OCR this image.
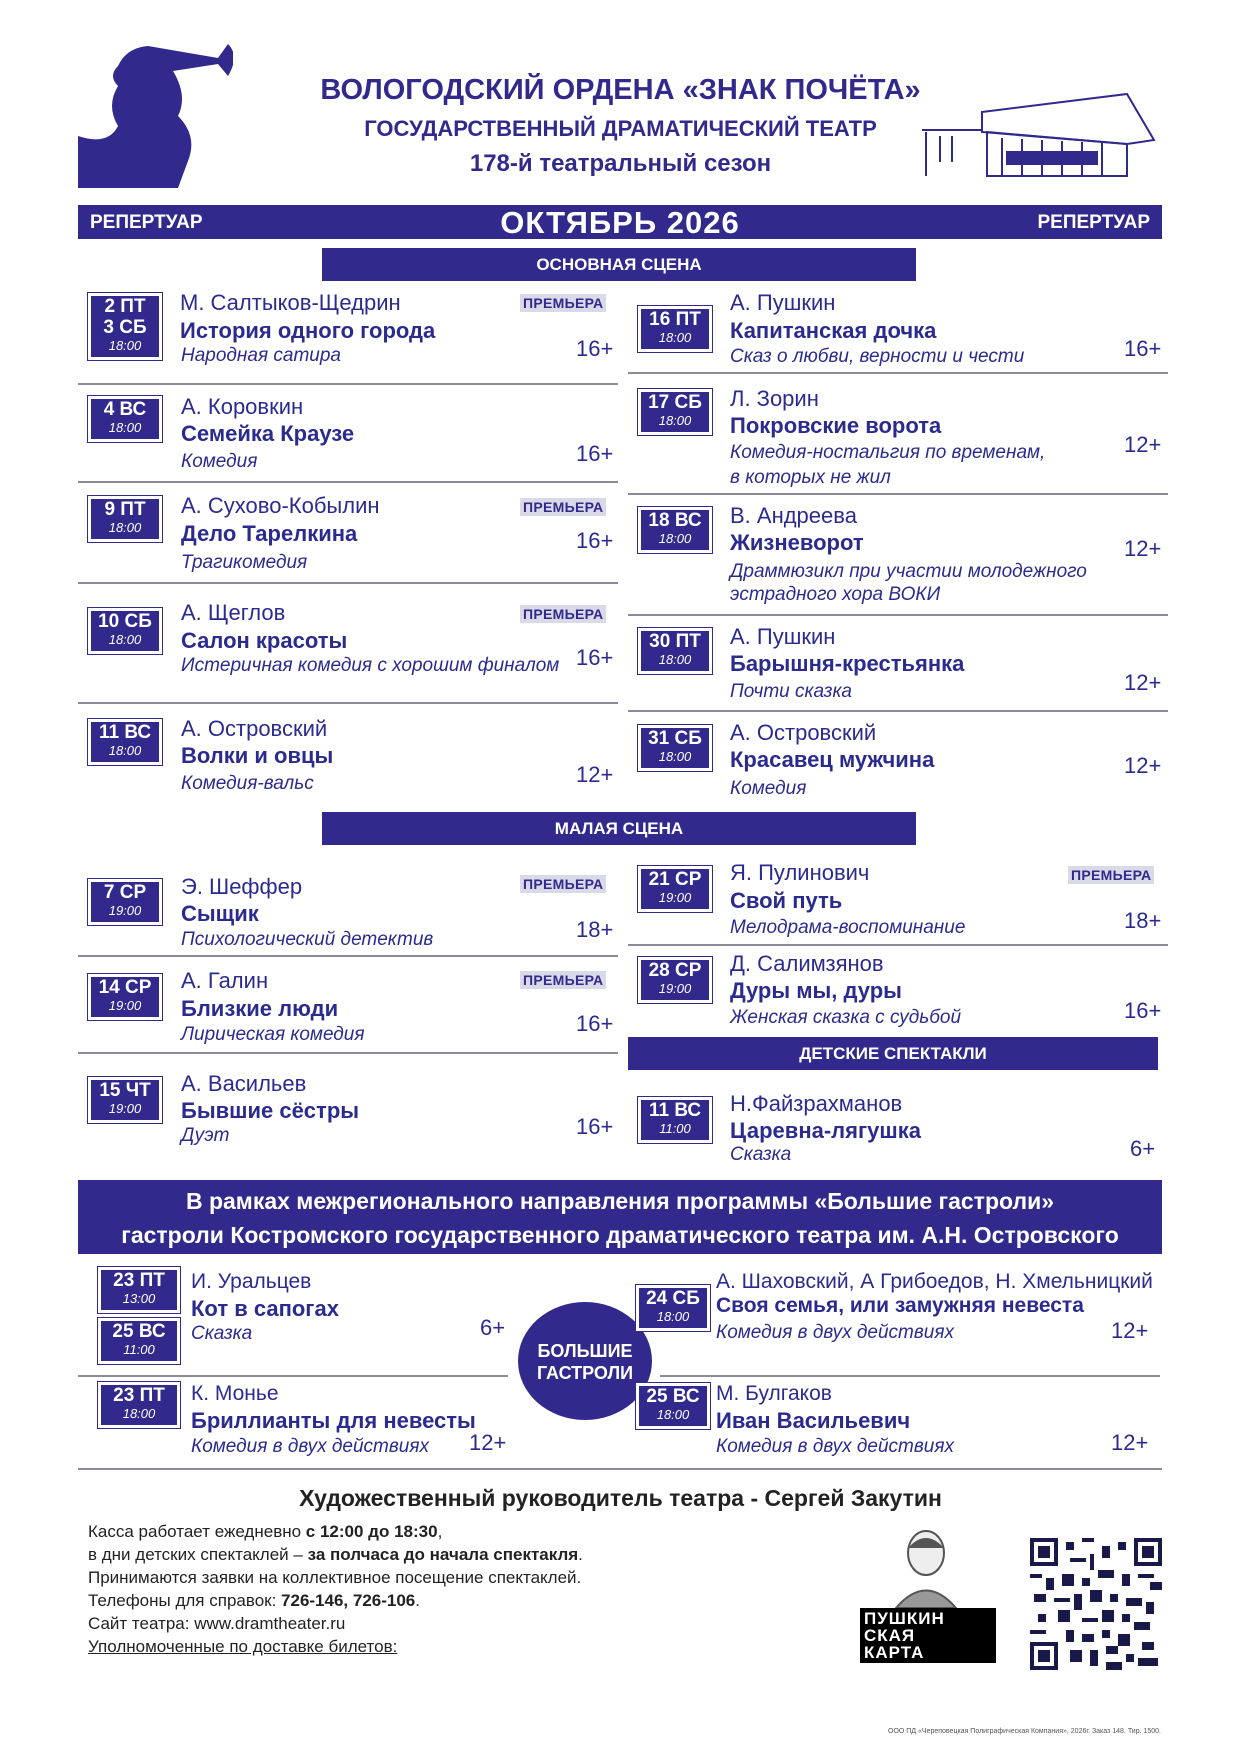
ВОЛОГОДСКИЙ ОРДЕНА «ЗНАК ПОЧЁТА»
ГОСУДАРСТВЕННЫЙ ДРАМАТИЧЕСКИЙ ТЕАТР
178-й театральный сезон
РЕПЕРТУАР	ОКТЯБРЬ 2026	РЕПЕРТУАР
ОСНОВНАЯ СЦЕНА
2 ПТ
3 СБ
18:00
М. Салтыков-Щедрин
История одного города
Народная сатира	16+
ПРЕМЬЕРА
4 ВС
18:00
А. Коровкин
Семейка Краузе
Комедия	16+
9 ПТ
18:00
А. Сухово-Кобылин
Дело Тарелкина
Трагикомедия
16+
ПРЕМЬЕРА
10 СБ
18:00
А. Щеглов
Салон красоты
Истеричная комедия с хорошим финалом 16+
ПРЕМЬЕРА
11 ВС
18:00
А. Островский
Волки и овцы
Комедия-вальс	12+
16 ПТ
18:00
А. Пушкин
Капитанская дочка
Сказ о любви, верности и чести	16+
17 СБ
18:00
Л. Зорин
Покровские ворота
Комедия-ностальгия по временам,
в которых не жил
12+
18 ВС
18:00
В. Андреева
Жизневорот
Драммюзикл при участии молодежного
эстрадного хора ВОКИ
12+
30 ПТ
18:00
А. Пушкин
Барышня-крестьянка
Почти сказка	12+
31 СБ
18:00
А. Островский
Красавец мужчина
Комедия
12+
МАЛАЯ СЦЕНА
7 СР
19:00
Э. Шеффер
Сыщик
Психологический детектив	18+
ПРЕМЬЕРА
14 СР
19:00
А. Галин
Близкие люди
Лирическая комедия	16+
ПРЕМЬЕРА
15 ЧТ
19:00
А. Васильев
Бывшие сёстры
Дуэт	16+
21 СР
19:00
Я. Пулинович
Свой путь
Мелодрама-воспоминание	18+
ПРЕМЬЕРА
28 СР
19:00
Д. Салимзянов
Дуры мы, дуры
Женская сказка с судьбой	16+
ДЕТСКИЕ СПЕКТАКЛИ
11 ВС
11:00
Н.Файзрахманов
Царевна-лягушка
Сказка	6+
В рамках межрегионального направления программы «Большие гастроли»
гастроли Костромского государственного драматического театра им. А.Н. Островского
23 ПТ
13:00
25 ВС
11:00
И. Уральцев
Кот в сапогах
Сказка	6+
23 ПТ
18:00
К. Монье
Бриллианты для невесты
Комедия в двух действиях 12+
БОЛЬШИЕ
ГАСТРОЛИ
24 СБ
18:00
А. Шаховский, А Грибоедов, Н. Хмельницкий
Своя семья, или замужняя невеста
Комедия в двух действиях	12+
25 ВС
18:00
М. Булгаков
Иван Васильевич
Комедия в двух действиях	12+
Художественный руководитель театра - Сергей Закутин
Касса работает ежедневно с 12:00 до 18:30,
в дни детских спектаклей – за полчаса до начала спектакля.
Принимаются заявки на коллективное посещение спектаклей.
Телефоны для справок: 726-146, 726-106.
Сайт театра: www.dramtheater.ru
Уполномоченные по доставке билетов:
ПУШКИН
СКАЯ
КАРТА
ООО ПД «Череповецкая Полиграфическая Компания», 2026г. Заказ 148. Тир. 1500.
